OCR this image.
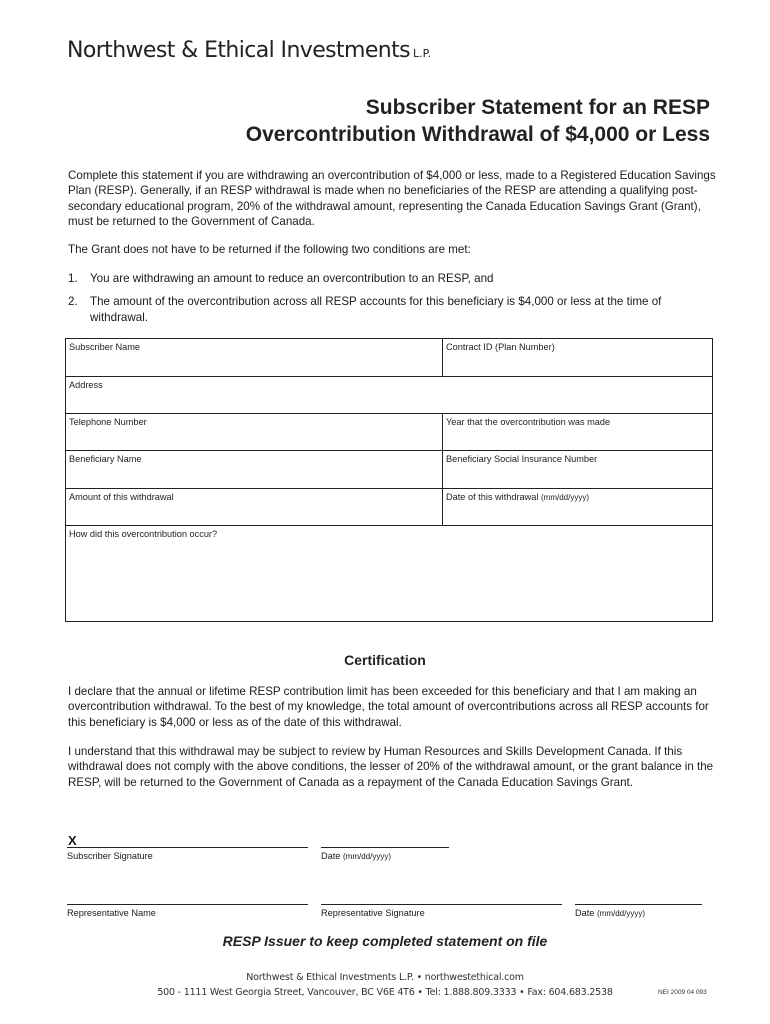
Northwest & Ethical Investments L.P.
Subscriber Statement for an RESP
Overcontribution Withdrawal of $4,000 or Less
Complete this statement if you are withdrawing an overcontribution of $4,000 or less, made to a Registered Education Savings Plan (RESP). Generally, if an RESP withdrawal is made when no beneficiaries of the RESP are attending a qualifying post-secondary educational program, 20% of the withdrawal amount, representing the Canada Education Savings Grant (Grant), must be returned to the Government of Canada.
The Grant does not have to be returned if the following two conditions are met:
1. You are withdrawing an amount to reduce an overcontribution to an RESP, and
2. The amount of the overcontribution across all RESP accounts for this beneficiary is $4,000 or less at the time of withdrawal.
Subscriber Name	Contract ID (Plan Number)
Address
Telephone Number	Year that the overcontribution was made
Beneficiary Name	Beneficiary Social Insurance Number
Amount of this withdrawal	Date of this withdrawal (mm/dd/yyyy)
How did this overcontribution occur?
Certification
I declare that the annual or lifetime RESP contribution limit has been exceeded for this beneficiary and that I am making an overcontribution withdrawal. To the best of my knowledge, the total amount of overcontributions across all RESP accounts for this beneficiary is $4,000 or less as of the date of this withdrawal.
I understand that this withdrawal may be subject to review by Human Resources and Skills Development Canada. If this withdrawal does not comply with the above conditions, the lesser of 20% of the withdrawal amount, or the grant balance in the RESP, will be returned to the Government of Canada as a repayment of the Canada Education Savings Grant.
X
Subscriber Signature	Date (mm/dd/yyyy)
Representative Name	Representative Signature	Date (mm/dd/yyyy)
RESP Issuer to keep completed statement on file
Northwest & Ethical Investments L.P. • northwestethical.com
500 - 1111 West Georgia Street, Vancouver, BC V6E 4T6 • Tel: 1.888.809.3333 • Fax: 604.683.2538	NEI 2009 04 093
